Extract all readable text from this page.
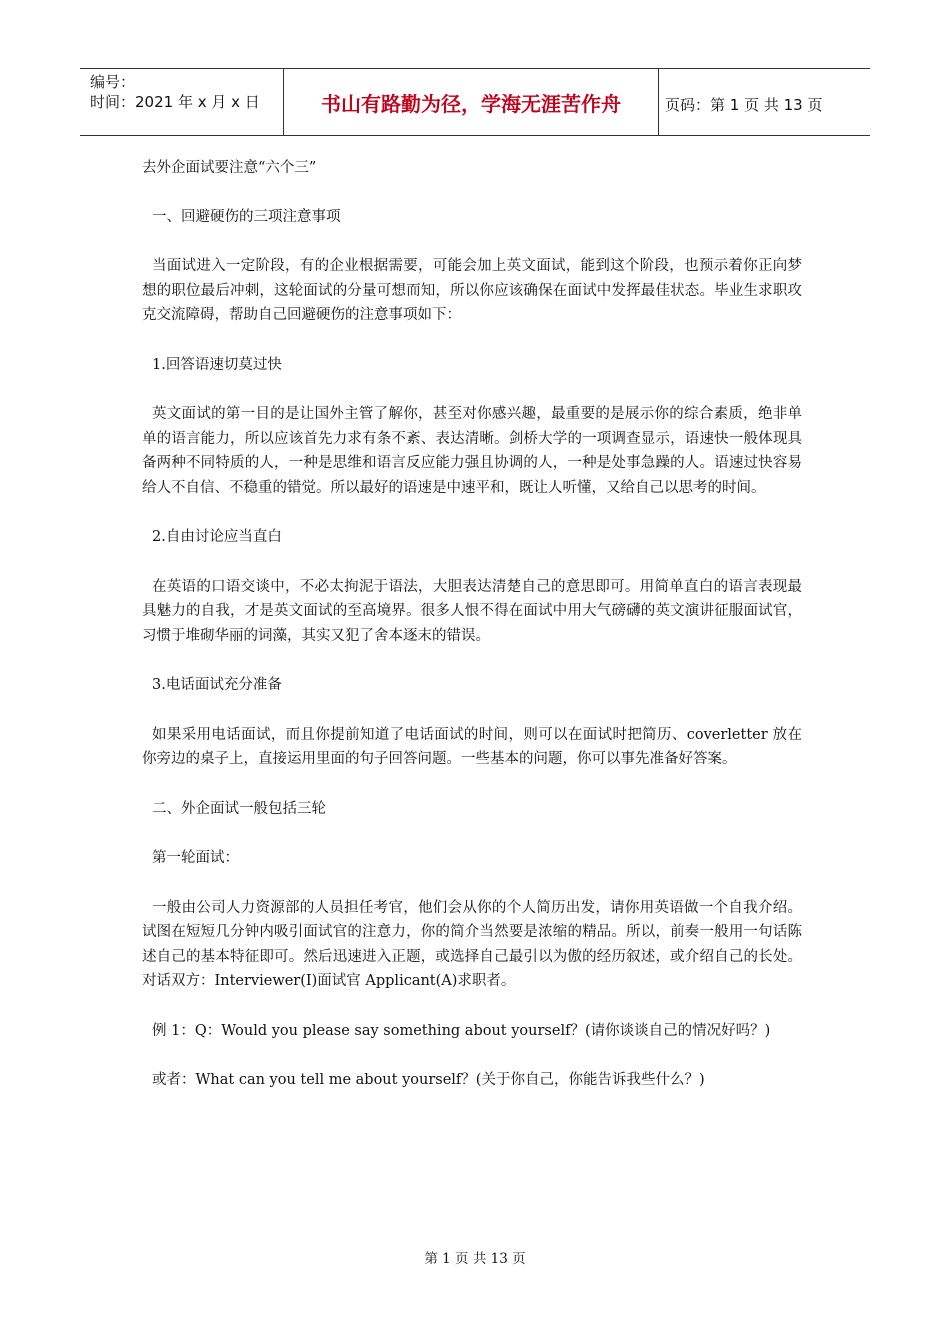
编号：
时间：2021 年 x 月 x 日	书山有路勤为径，学海无涯苦作舟	页码：第 1 页 共 13 页

去外企面试要注意“六个三”

一、回避硬伤的三项注意事项

当面试进入一定阶段，有的企业根据需要，可能会加上英文面试，能到这个阶段，也预示着你正向梦想的职位最后冲刺，这轮面试的分量可想而知，所以你应该确保在面试中发挥最佳状态。毕业生求职攻克交流障碍，帮助自己回避硬伤的注意事项如下：

1.回答语速切莫过快

英文面试的第一目的是让国外主管了解你，甚至对你感兴趣，最重要的是展示你的综合素质，绝非单单的语言能力，所以应该首先力求有条不紊、表达清晰。剑桥大学的一项调查显示，语速快一般体现具备两种不同特质的人，一种是思维和语言反应能力强且协调的人，一种是处事急躁的人。语速过快容易给人不自信、不稳重的错觉。所以最好的语速是中速平和，既让人听懂，又给自己以思考的时间。

2.自由讨论应当直白

在英语的口语交谈中，不必太拘泥于语法，大胆表达清楚自己的意思即可。用简单直白的语言表现最具魅力的自我，才是英文面试的至高境界。很多人恨不得在面试中用大气磅礴的英文演讲征服面试官，习惯于堆砌华丽的词藻，其实又犯了舍本逐末的错误。

3.电话面试充分准备

如果采用电话面试，而且你提前知道了电话面试的时间，则可以在面试时把简历、coverletter 放在你旁边的桌子上，直接运用里面的句子回答问题。一些基本的问题，你可以事先准备好答案。

二、外企面试一般包括三轮

第一轮面试：

一般由公司人力资源部的人员担任考官，他们会从你的个人简历出发，请你用英语做一个自我介绍。试图在短短几分钟内吸引面试官的注意力，你的简介当然要是浓缩的精品。所以，前奏一般用一句话陈述自己的基本特征即可。然后迅速进入正题，或选择自己最引以为傲的经历叙述，或介绍自己的长处。对话双方：Interviewer(I)面试官 Applicant(A)求职者。

例 1：Q：Would you please say something about yourself？(请你谈谈自己的情况好吗？)

或者：What can you tell me about yourself？(关于你自己，你能告诉我些什么？)

第 1 页 共 13 页
